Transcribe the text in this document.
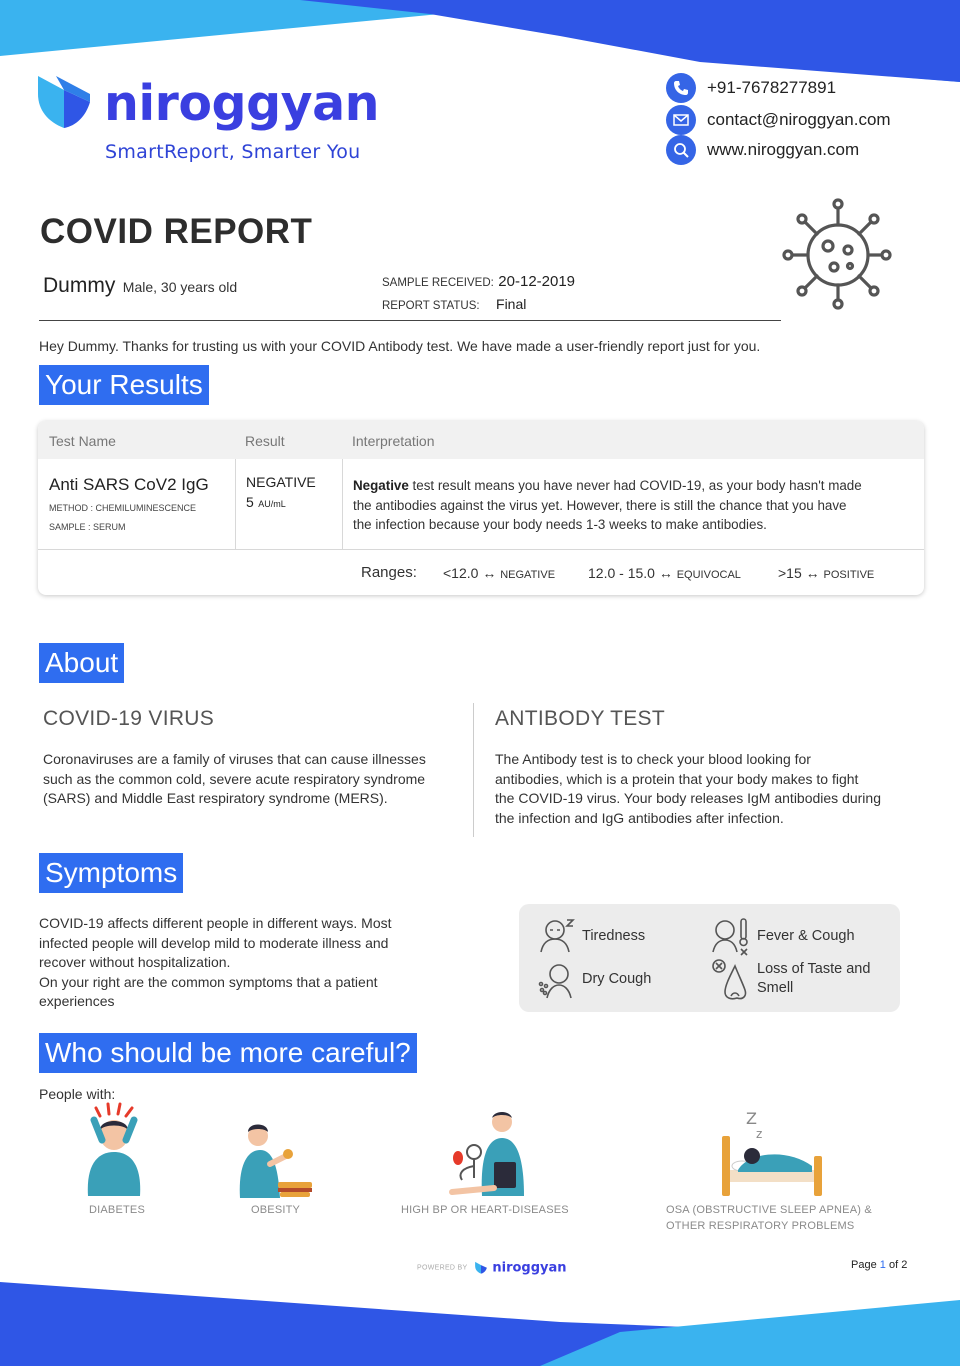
niroggyan
SmartReport, Smarter You
+91-7678277891
contact@niroggyan.com
www.niroggyan.com
COVID REPORT
Dummy Male, 30 years old	SAMPLE RECEIVED: 20-12-2019
REPORT STATUS: Final
Hey Dummy. Thanks for trusting us with your COVID Antibody test. We have made a user-friendly report just for you.
Your Results
Test Name	Result	Interpretation
Anti SARS CoV2 IgG
METHOD : CHEMILUMINESCENCE
SAMPLE : SERUM
NEGATIVE
5 AU/mL
Negative test result means you have never had COVID-19, as your body hasn't made
the antibodies against the virus yet. However, there is still the chance that you have
the infection because your body needs 1-3 weeks to make antibodies.
Ranges: <12.0 ↔ NEGATIVE 12.0 - 15.0 ↔ EQUIVOCAL	>15 ↔ POSITIVE
About
COVID-19 VIRUS
Coronaviruses are a family of viruses that can cause illnesses
such as the common cold, severe acute respiratory syndrome
(SARS) and Middle East respiratory syndrome (MERS).
ANTIBODY TEST
The Antibody test is to check your blood looking for
antibodies, which is a protein that your body makes to fight
the COVID-19 virus. Your body releases IgM antibodies during
the infection and IgG antibodies after infection.
Symptoms
COVID-19 affects different people in different ways. Most
infected people will develop mild to moderate illness and
recover without hospitalization.
On your right are the common symptoms that a patient
experiences
Tiredness	Fever & Cough
Dry Cough
Loss of Taste and
Smell
Who should be more careful?
People with:
DIABETES	OBESITY	HIGH BP OR HEART-DISEASES
Z
z
OSA (OBSTRUCTIVE SLEEP APNEA) &
OTHER RESPIRATORY PROBLEMS
POWERED BY niroggyan	Page 1 of 2
